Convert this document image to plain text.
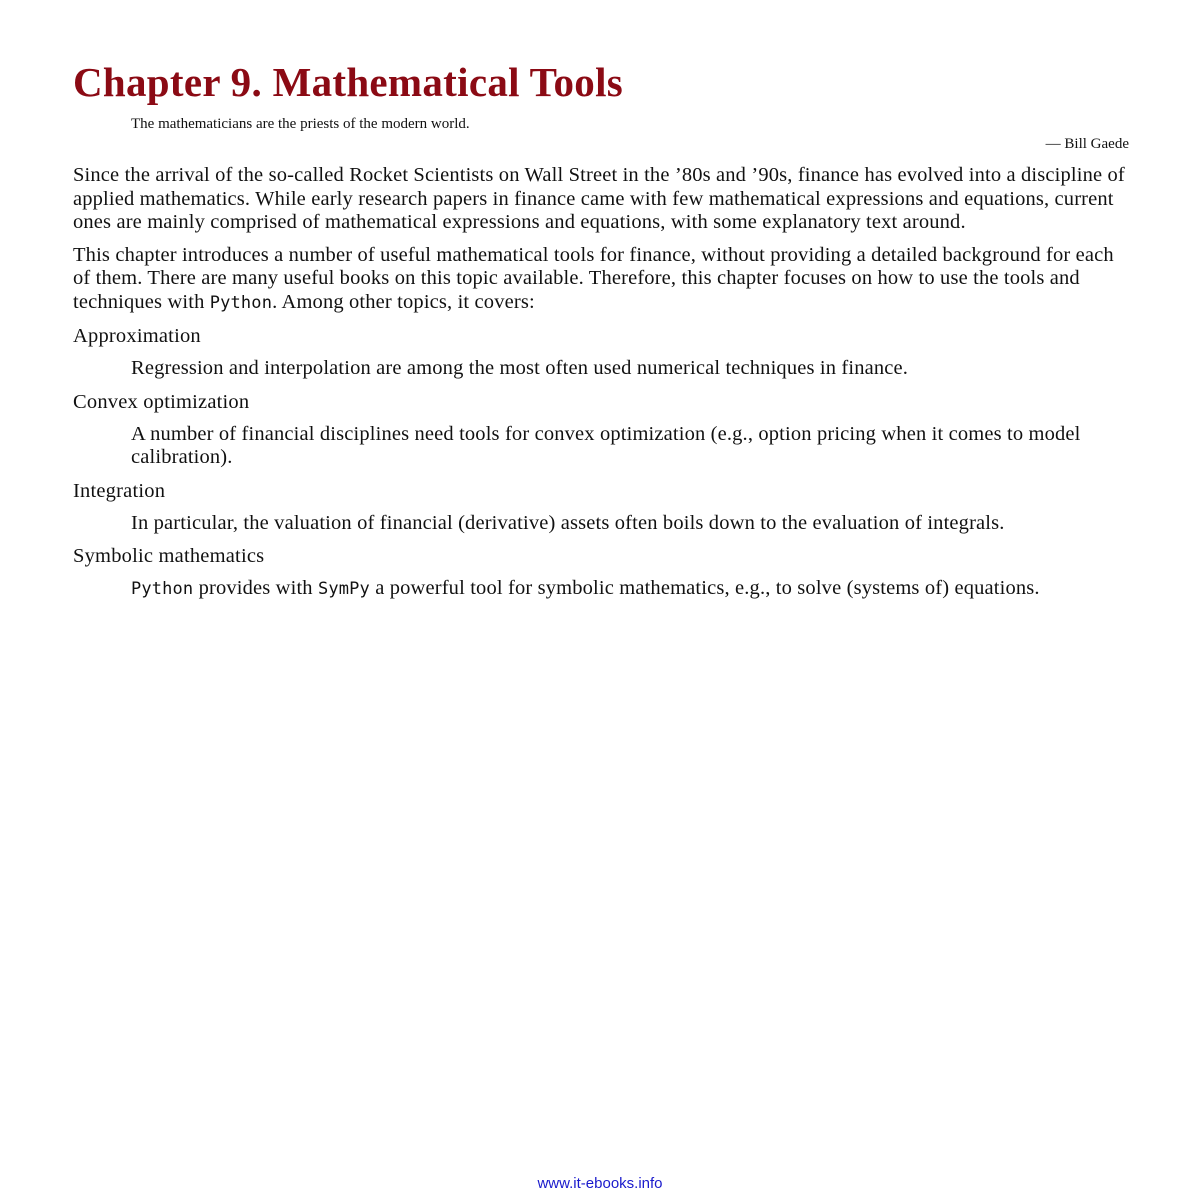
Chapter 9. Mathematical Tools
The mathematicians are the priests of the modern world.
— Bill Gaede

Since the arrival of the so-called Rocket Scientists on Wall Street in the ’80s and ’90s, finance has evolved into a discipline of applied mathematics. While early research papers in finance came with few mathematical expressions and equations, current ones are mainly comprised of mathematical expressions and equations, with some explanatory text around.

This chapter introduces a number of useful mathematical tools for finance, without providing a detailed background for each of them. There are many useful books on this topic available. Therefore, this chapter focuses on how to use the tools and techniques with Python. Among other topics, it covers:

Approximation
Regression and interpolation are among the most often used numerical techniques in finance.
Convex optimization
A number of financial disciplines need tools for convex optimization (e.g., option pricing when it comes to model calibration).
Integration
In particular, the valuation of financial (derivative) assets often boils down to the evaluation of integrals.
Symbolic mathematics
Python provides with SymPy a powerful tool for symbolic mathematics, e.g., to solve (systems of) equations.
www.it-ebooks.info
